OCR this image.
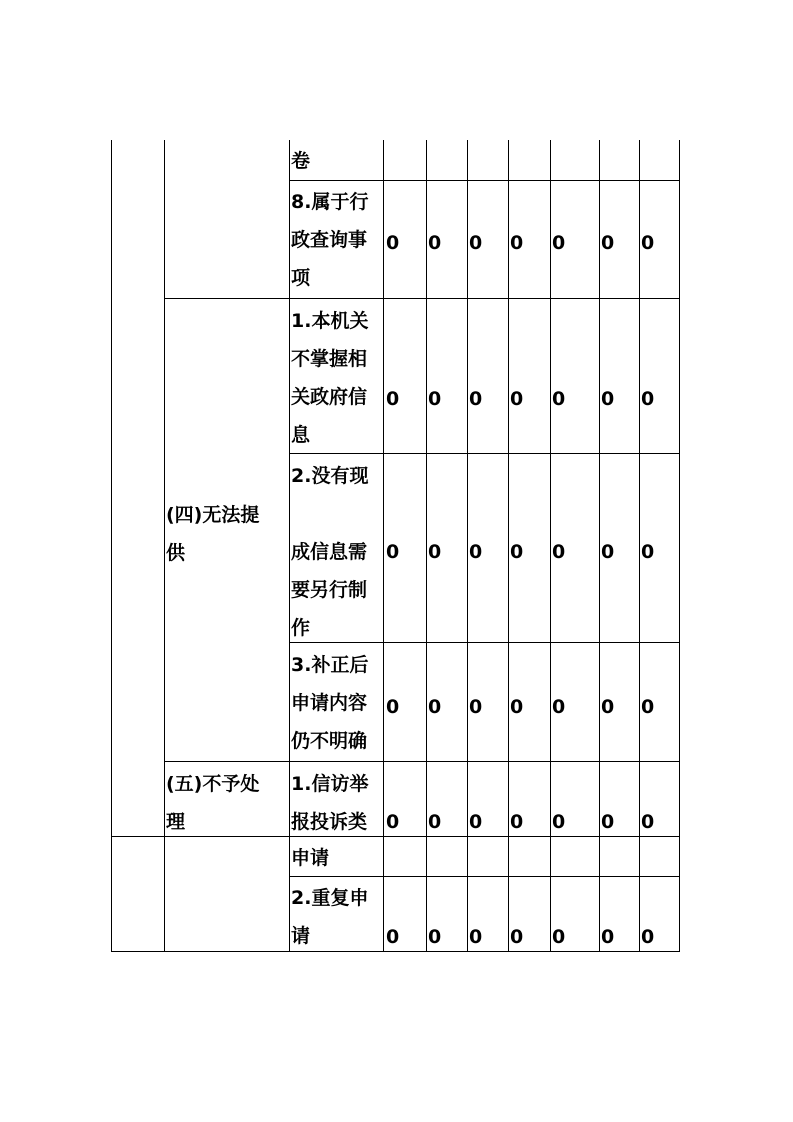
卷
8.属于行
政查询事
项
0 0 0 0 0 0 0
(四)无法提
供
1.本机关
不掌握相
关政府信
息
0 0 0 0 0 0 0
2.没有现

成信息需
要另行制
作
0 0 0 0 0 0 0
3.补正后
申请内容
仍不明确
0 0 0 0 0 0 0
(五)不予处
理
1.信访举
报投诉类 0 0 0 0 0 0 0
申请
2.重复申
请	0 0 0 0 0 0 0
